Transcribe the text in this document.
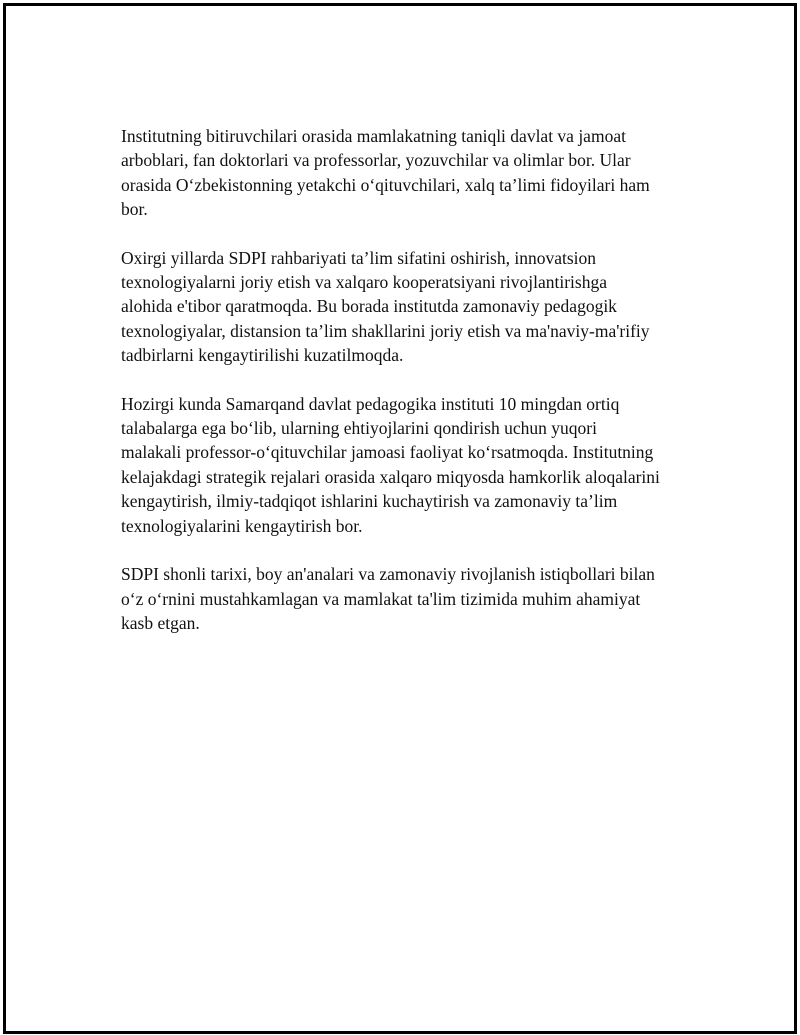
Institutning bitiruvchilari orasida mamlakatning taniqli davlat va jamoat
arboblari, fan doktorlari va professorlar, yozuvchilar va olimlar bor. Ular
orasida O‘zbekistonning yetakchi o‘qituvchilari, xalq ta’limi fidoyilari ham
bor.

Oxirgi yillarda SDPI rahbariyati ta’lim sifatini oshirish, innovatsion
texnologiyalarni joriy etish va xalqaro kooperatsiyani rivojlantirishga
alohida e'tibor qaratmoqda. Bu borada institutda zamonaviy pedagogik
texnologiyalar, distansion ta’lim shakllarini joriy etish va ma'naviy-ma'rifiy
tadbirlarni kengaytirilishi kuzatilmoqda.

Hozirgi kunda Samarqand davlat pedagogika instituti 10 mingdan ortiq
talabalarga ega bo‘lib, ularning ehtiyojlarini qondirish uchun yuqori
malakali professor-o‘qituvchilar jamoasi faoliyat ko‘rsatmoqda. Institutning
kelajakdagi strategik rejalari orasida xalqaro miqyosda hamkorlik aloqalarini
kengaytirish, ilmiy-tadqiqot ishlarini kuchaytirish va zamonaviy ta’lim
texnologiyalarini kengaytirish bor.

SDPI shonli tarixi, boy an'analari va zamonaviy rivojlanish istiqbollari bilan
o‘z o‘rnini mustahkamlagan va mamlakat ta'lim tizimida muhim ahamiyat
kasb etgan.
